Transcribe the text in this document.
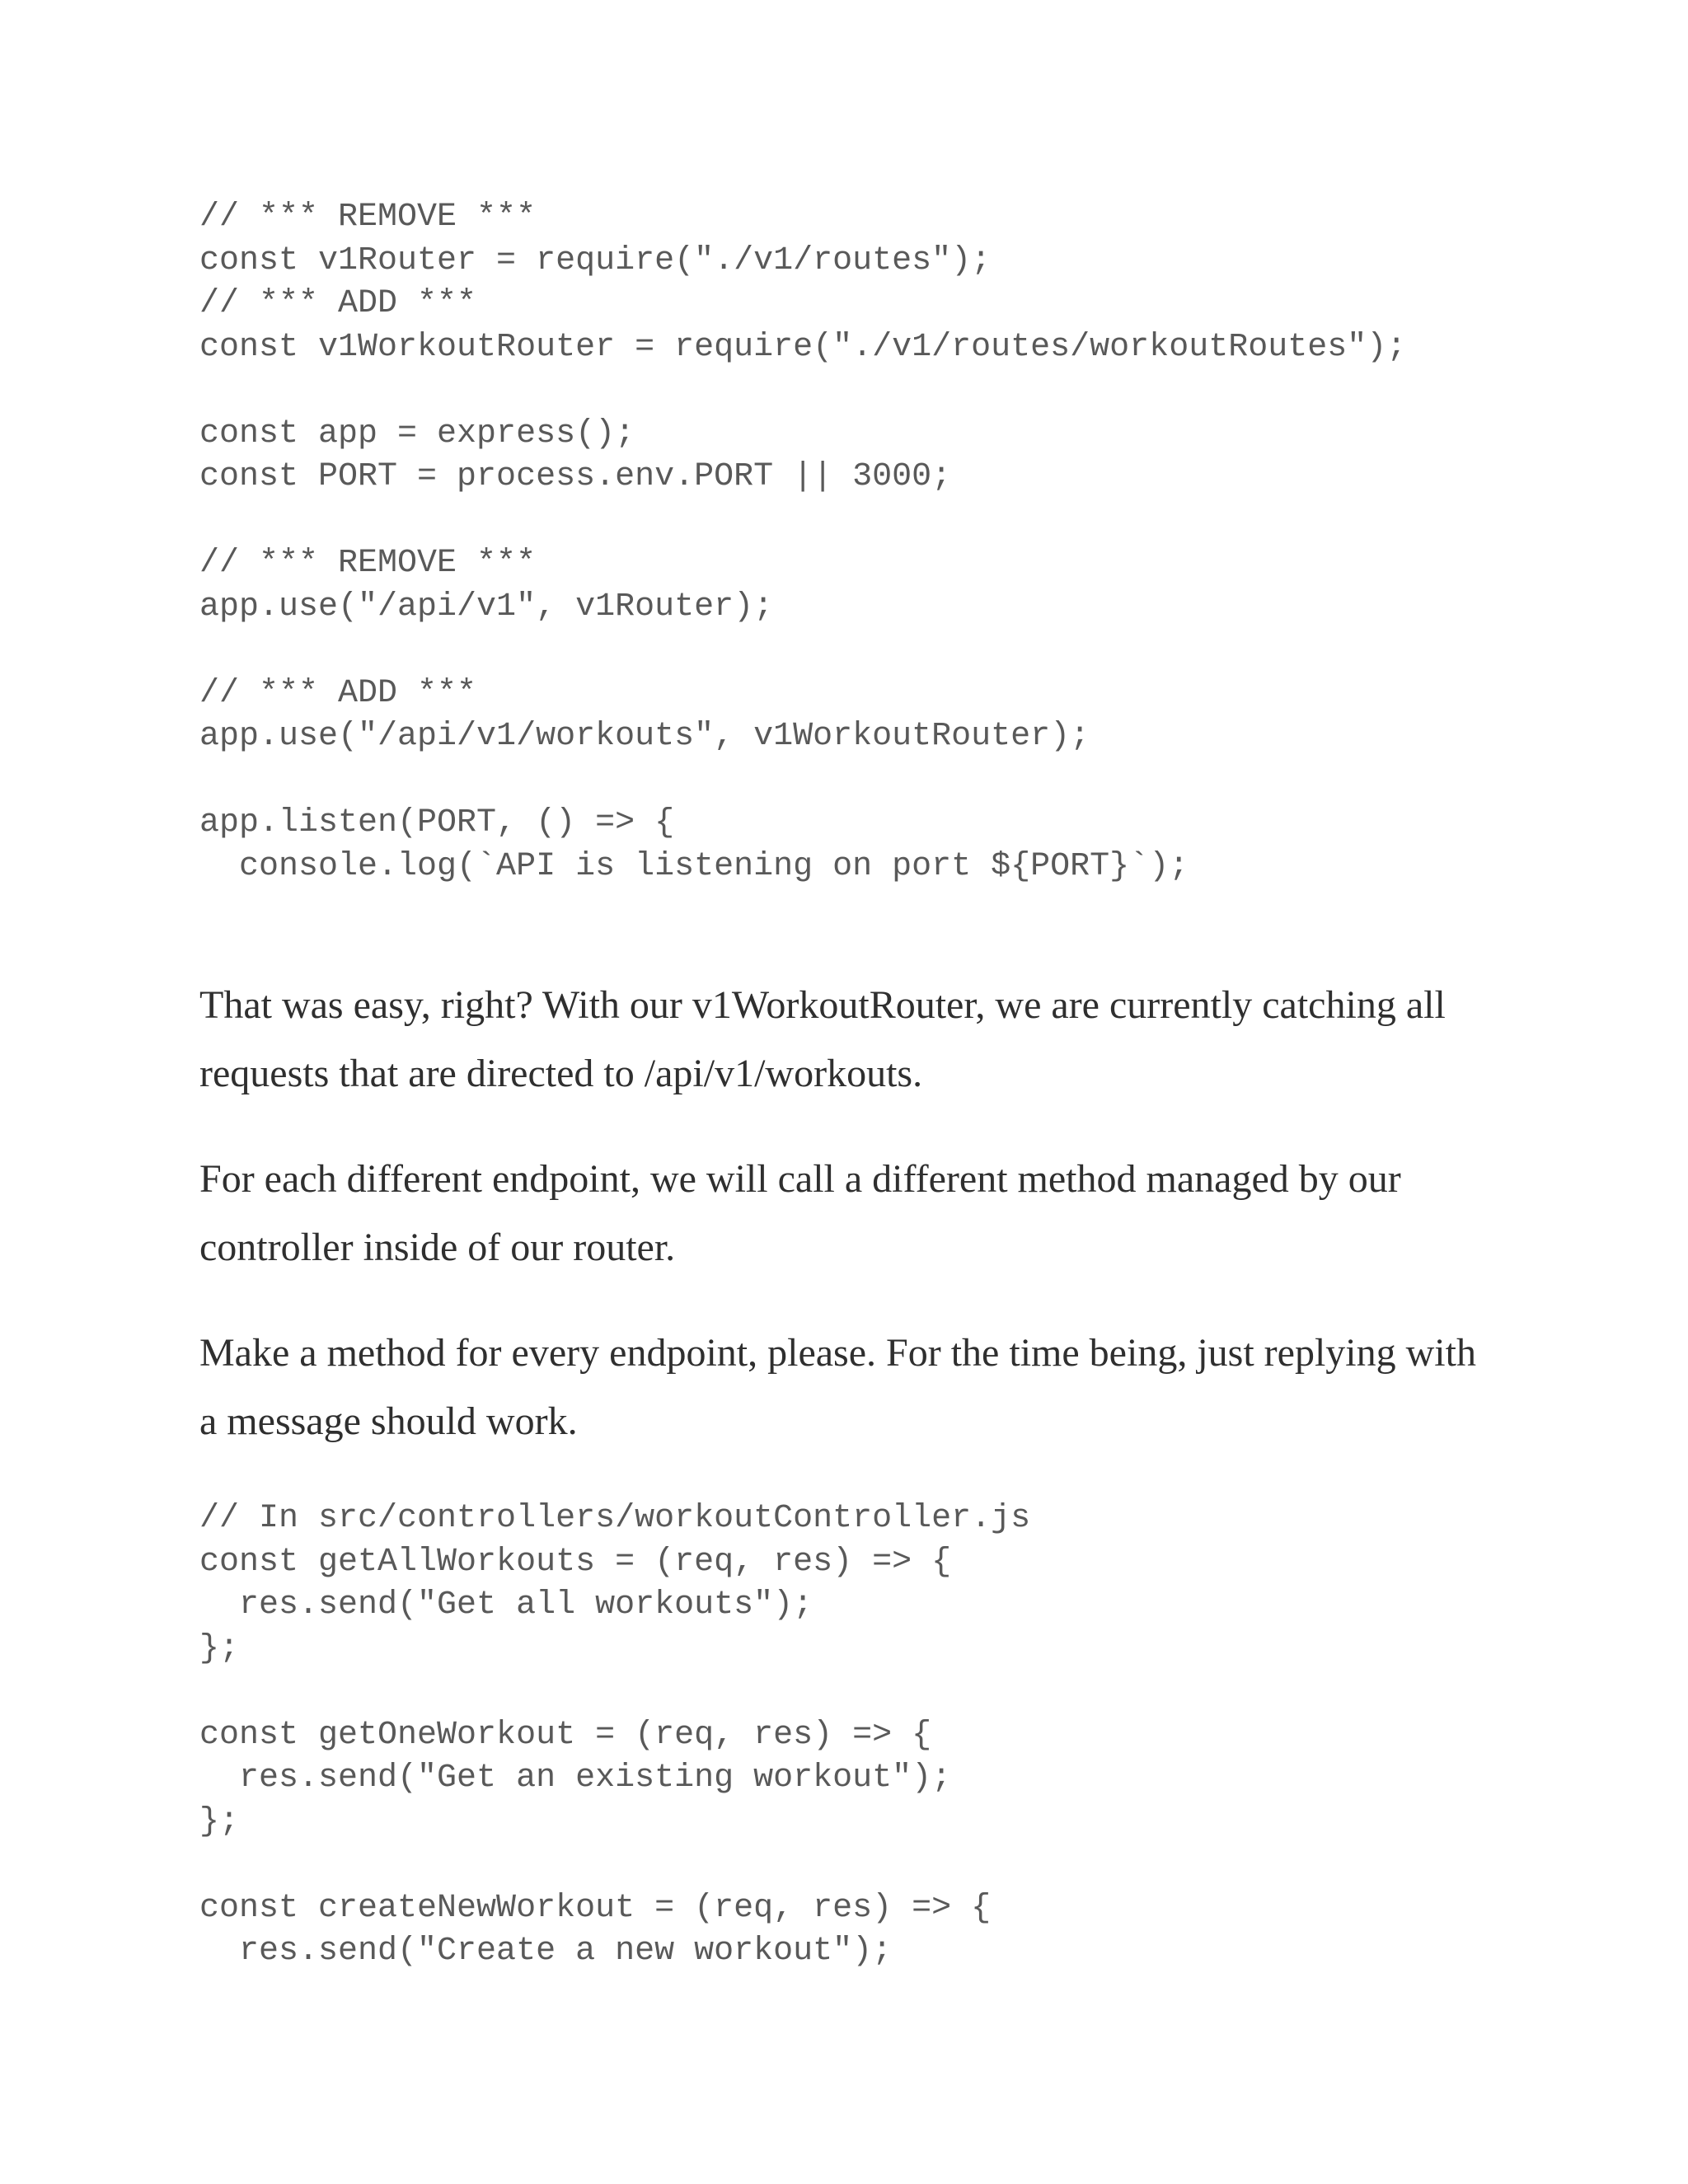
// *** REMOVE ***
const v1Router = require("./v1/routes");
// *** ADD ***
const v1WorkoutRouter = require("./v1/routes/workoutRoutes");
const app = express();
const PORT = process.env.PORT || 3000;
// *** REMOVE ***
app.use("/api/v1", v1Router);
// *** ADD ***
app.use("/api/v1/workouts", v1WorkoutRouter);
app.listen(PORT, () => {
console.log(`API is listening on port ${PORT}`);

That was easy, right? With our v1WorkoutRouter, we are currently catching all requests that are directed to /api/v1/workouts.

For each different endpoint, we will call a different method managed by our controller inside of our router.

Make a method for every endpoint, please. For the time being, just replying with a message should work.

// In src/controllers/workoutController.js
const getAllWorkouts = (req, res) => {
res.send("Get all workouts");
};
const getOneWorkout = (req, res) => {
res.send("Get an existing workout");
};
const createNewWorkout = (req, res) => {
res.send("Create a new workout");
